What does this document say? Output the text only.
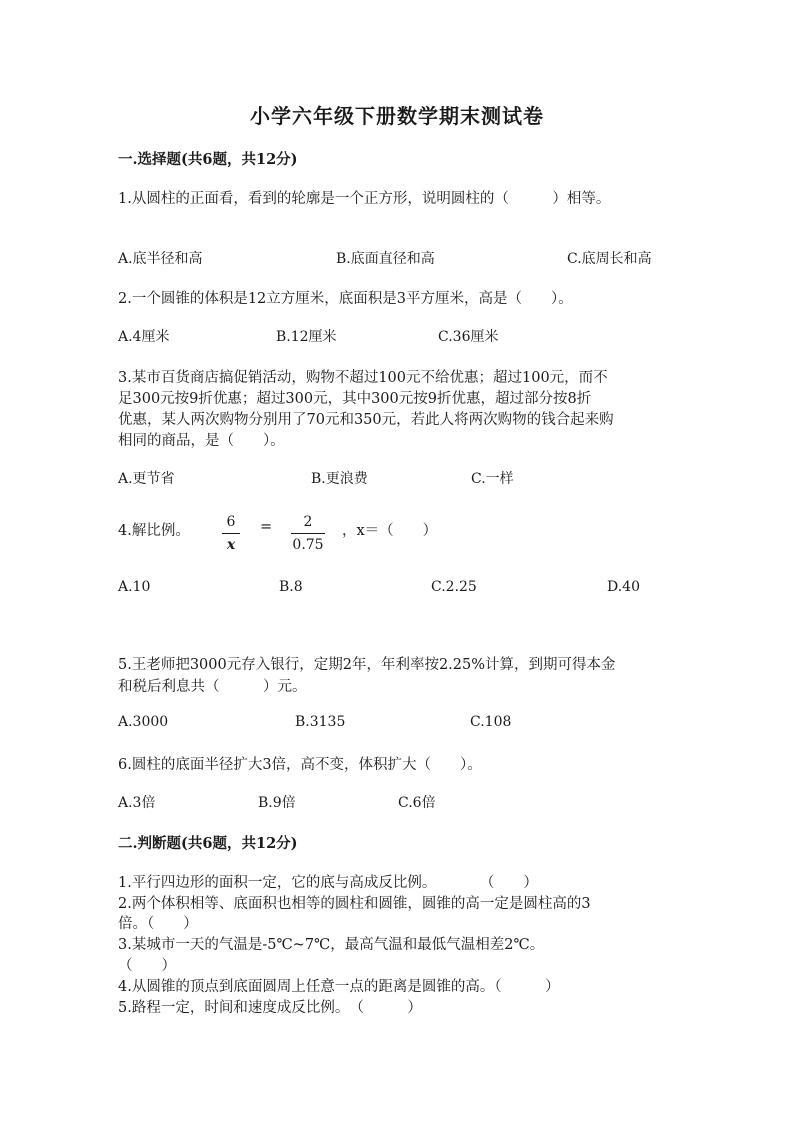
小学六年级下册数学期末测试卷
一.选择题(共6题，共12分)
1.从圆柱的正面看，看到的轮廓是一个正方形，说明圆柱的（　　　）相等。
A.底半径和高	B.底面直径和高	C.底周长和高
2.一个圆锥的体积是12立方厘米，底面积是3平方厘米，高是（　　）。
A.4厘米	B.12厘米	C.36厘米
3.某市百货商店搞促销活动，购物不超过100元不给优惠；超过100元，而不
足300元按9折优惠；超过300元，其中300元按9折优惠，超过部分按8折
优惠，某人两次购物分别用了70元和350元，若此人将两次购物的钱合起来购
相同的商品，是（　　）。
A.更节省	B.更浪费	C.一样
4.解比例。
6
x
=	2
0.75
，x＝（　　）
A.10	B.8	C.2.25	D.40
5.王老师把3000元存入银行，定期2年，年利率按2.25%计算，到期可得本金
和税后利息共（　　　）元。
A.3000	B.3135	C.108
6.圆柱的底面半径扩大3倍，高不变，体积扩大（　　）。
A.3倍	B.9倍	C.6倍
二.判断题(共6题，共12分)
1.平行四边形的面积一定，它的底与高成反比例。　　　　（　　）
2.两个体积相等、底面积也相等的圆柱和圆锥，圆锥的高一定是圆柱高的3
倍。（　　）
3.某城市一天的气温是-5℃~7℃，最高气温和最低气温相差2℃。
（　　）
4.从圆锥的顶点到底面圆周上任意一点的距离是圆锥的高。（　　　）
5.路程一定，时间和速度成反比例。　（　　　）
